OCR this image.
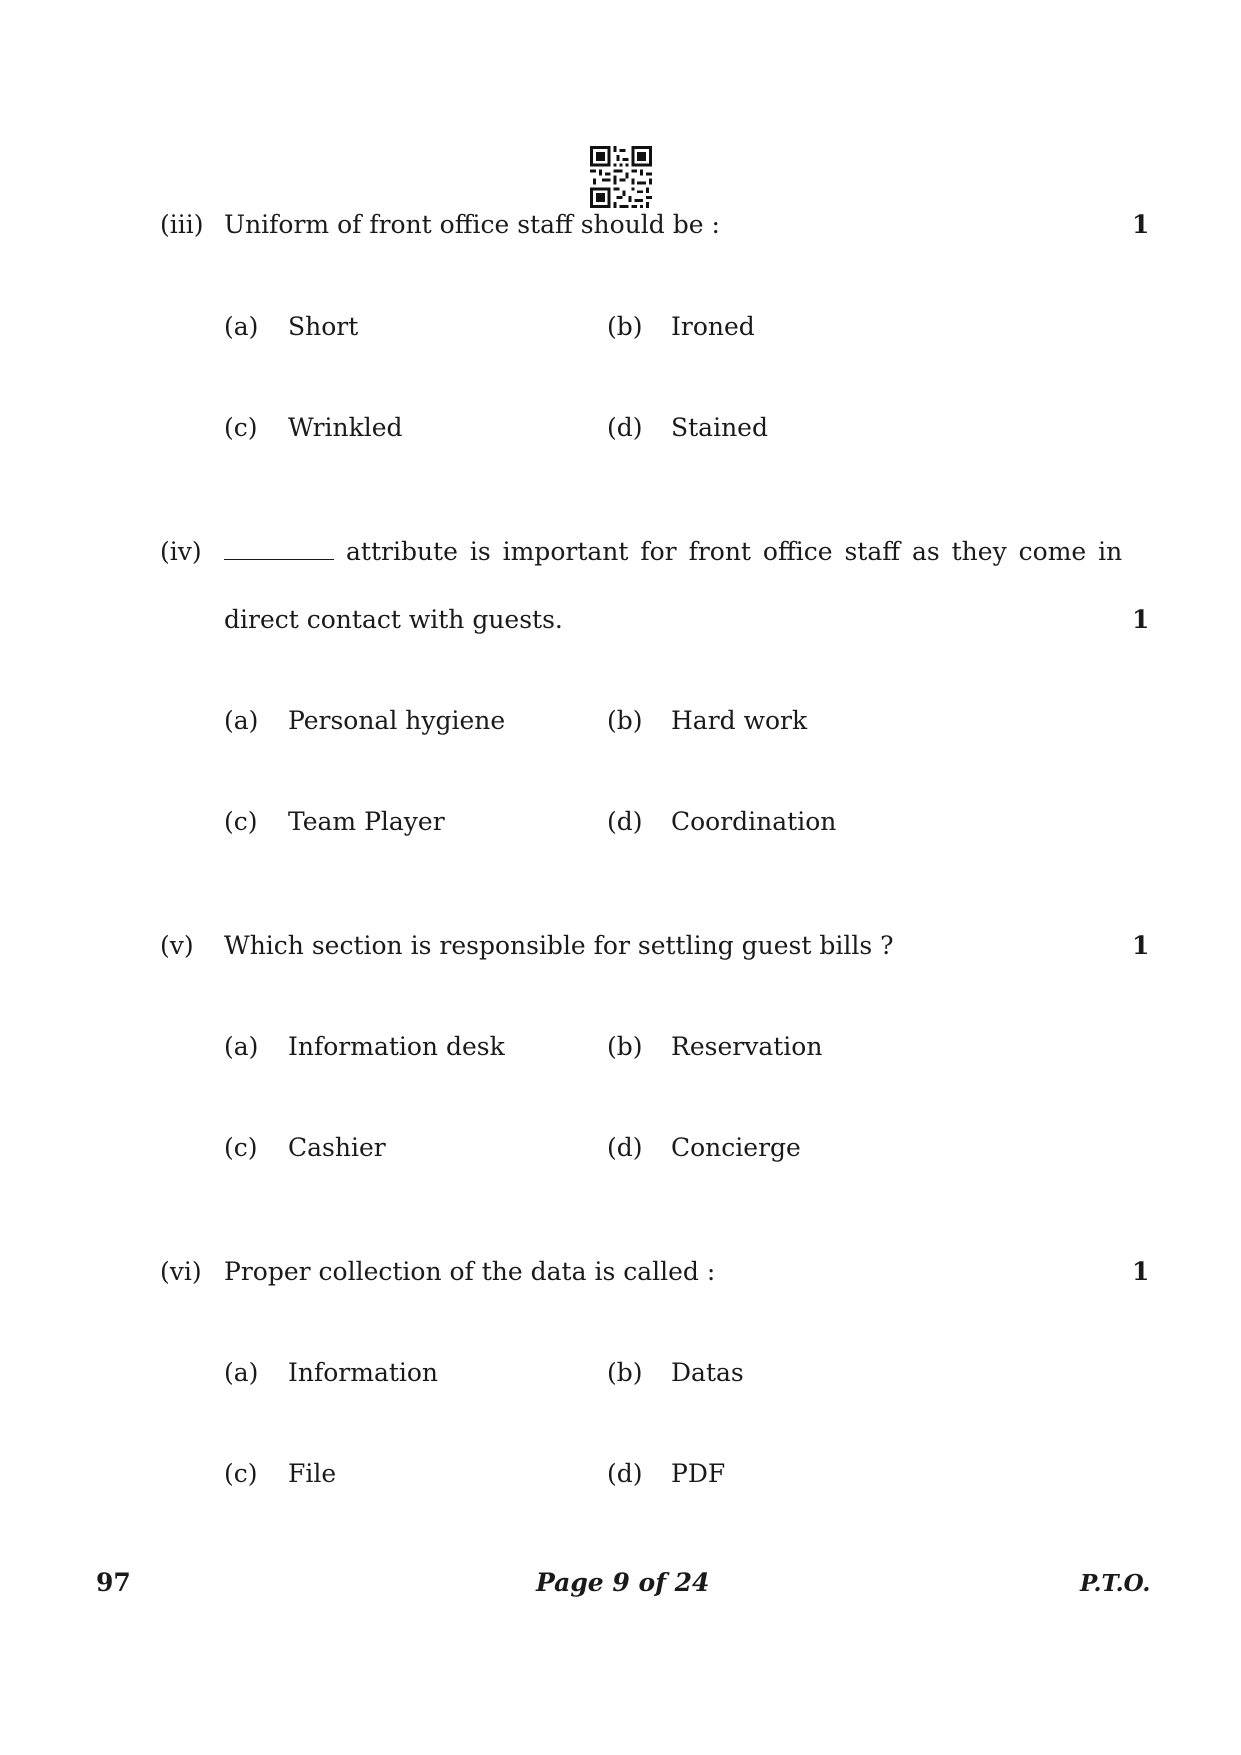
(iii) Uniform of front office staff should be :	1
(a) Short	(b) Ironed
(c) Wrinkled	(d) Stained
(iv)	attribute is important for front office staff as they come in
direct contact with guests.	1
(a) Personal hygiene	(b) Hard work
(c) Team Player	(d) Coordination
(v) Which section is responsible for settling guest bills ?	1
(a) Information desk	(b) Reservation
(c) Cashier	(d) Concierge
(vi) Proper collection of the data is called :	1
(a) Information	(b) Datas
(c) File	(d) PDF
97	Page 9 of 24	P.T.O.
